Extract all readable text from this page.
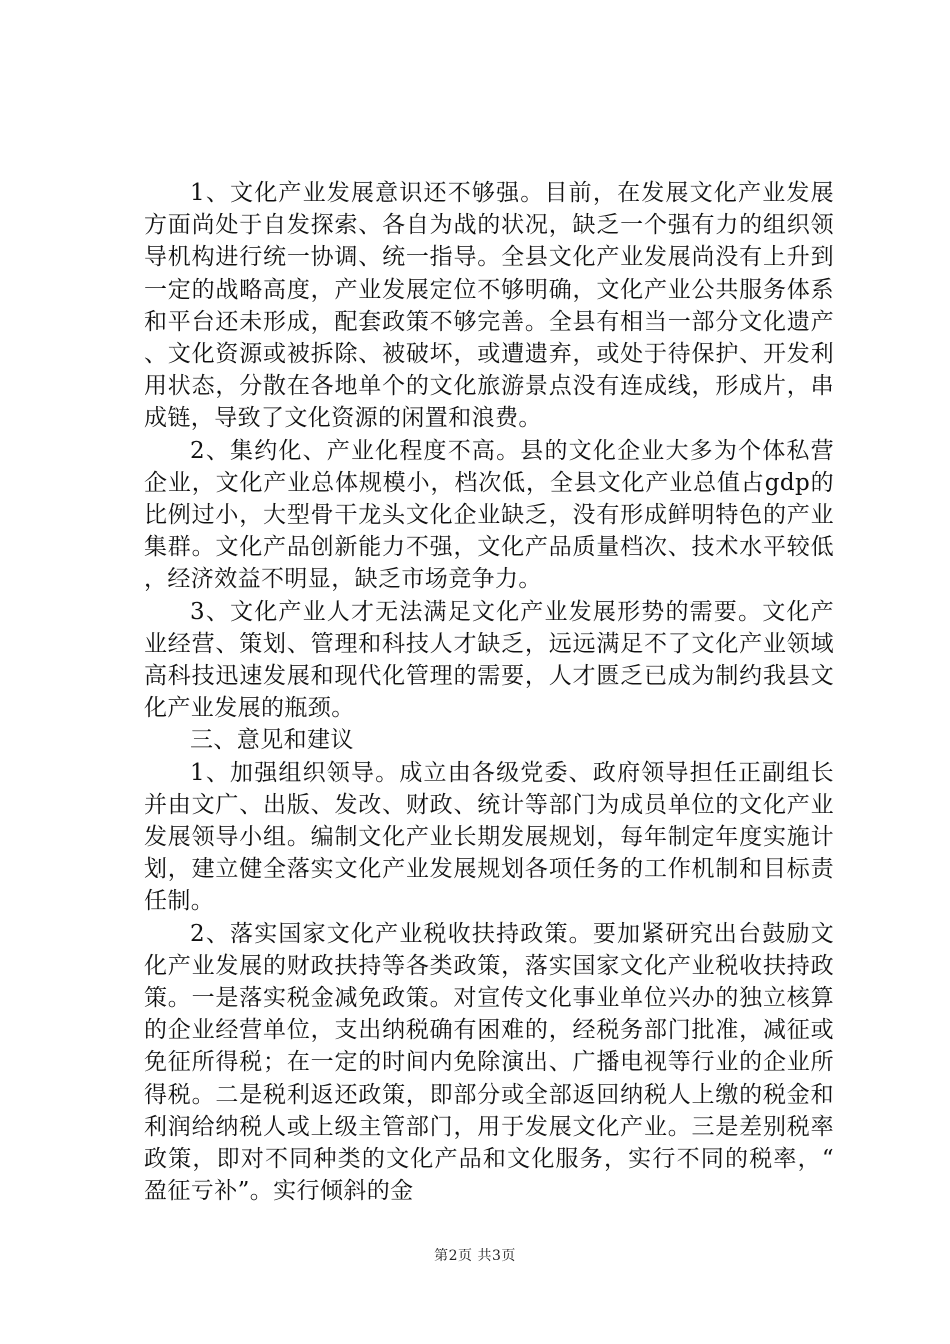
1、文化产业发展意识还不够强。目前，在发展文化产业发展方面尚处于自发探索、各自为战的状况，缺乏一个强有力的组织领导机构进行统一协调、统一指导。全县文化产业发展尚没有上升到一定的战略高度，产业发展定位不够明确，文化产业公共服务体系和平台还未形成，配套政策不够完善。全县有相当一部分文化遗产、文化资源或被拆除、被破坏，或遭遗弃，或处于待保护、开发利用状态，分散在各地单个的文化旅游景点没有连成线，形成片，串成链，导致了文化资源的闲置和浪费。

2、集约化、产业化程度不高。县的文化企业大多为个体私营企业，文化产业总体规模小，档次低，全县文化产业总值占gdp的比例过小，大型骨干龙头文化企业缺乏，没有形成鲜明特色的产业集群。文化产品创新能力不强，文化产品质量档次、技术水平较低，经济效益不明显，缺乏市场竞争力。

3、文化产业人才无法满足文化产业发展形势的需要。文化产业经营、策划、管理和科技人才缺乏，远远满足不了文化产业领域高科技迅速发展和现代化管理的需要，人才匮乏已成为制约我县文化产业发展的瓶颈。

三、意见和建议

1、加强组织领导。成立由各级党委、政府领导担任正副组长并由文广、出版、发改、财政、统计等部门为成员单位的文化产业发展领导小组。编制文化产业长期发展规划，每年制定年度实施计划，建立健全落实文化产业发展规划各项任务的工作机制和目标责任制。

2、落实国家文化产业税收扶持政策。要加紧研究出台鼓励文化产业发展的财政扶持等各类政策，落实国家文化产业税收扶持政策。一是落实税金减免政策。对宣传文化事业单位兴办的独立核算的企业经营单位，支出纳税确有困难的，经税务部门批准，减征或免征所得税；在一定的时间内免除演出、广播电视等行业的企业所得税。二是税利返还政策，即部分或全部返回纳税人上缴的税金和利润给纳税人或上级主管部门，用于发展文化产业。三是差别税率政策，即对不同种类的文化产品和文化服务，实行不同的税率，“盈征亏补”。实行倾斜的金

第2页 共3页
